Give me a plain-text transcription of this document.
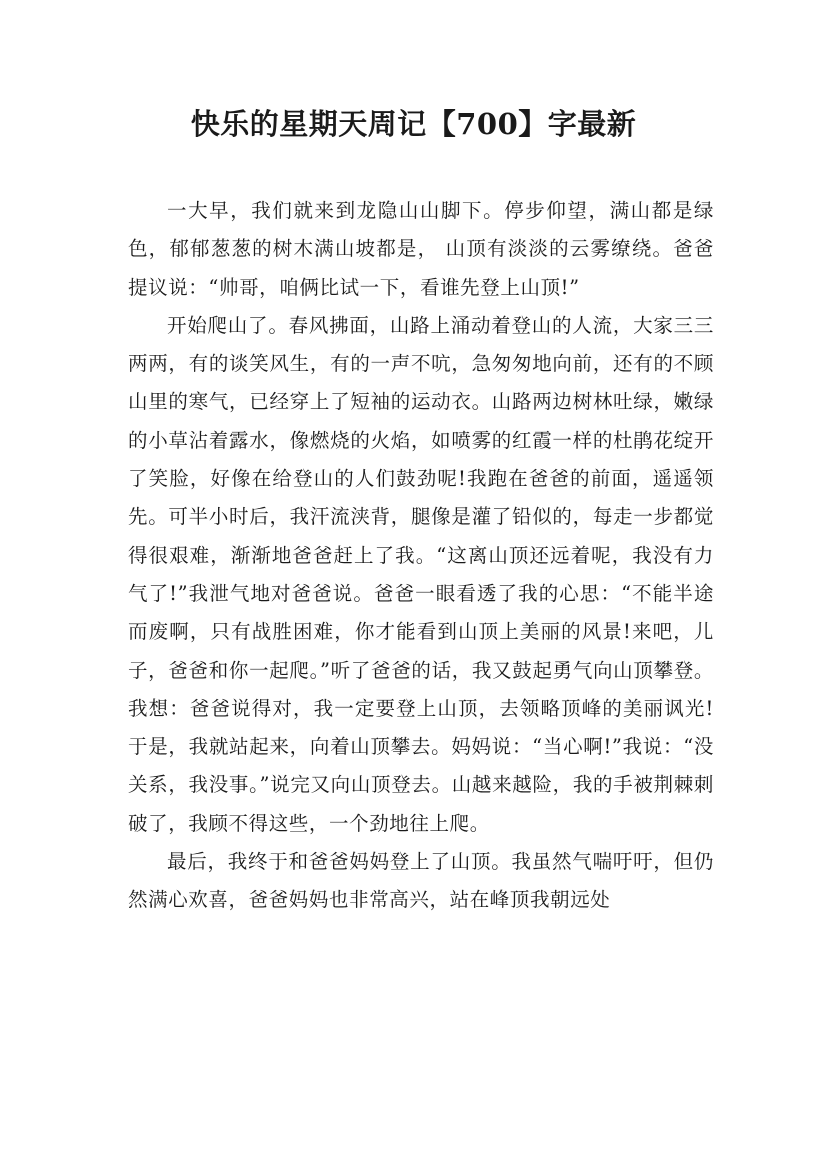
快乐的星期天周记【700】字最新

一大早，我们就来到龙隐山山脚下。停步仰望，满山都是绿色，郁郁葱葱的树木满山坡都是， 山顶有淡淡的云雾缭绕。爸爸提议说：“帅哥，咱俩比试一下，看谁先登上山顶!”

开始爬山了。春风拂面，山路上涌动着登山的人流，大家三三两两，有的谈笑风生，有的一声不吭，急匆匆地向前，还有的不顾山里的寒气，已经穿上了短袖的运动衣。山路两边树林吐绿，嫩绿的小草沾着露水，像燃烧的火焰，如喷雾的红霞一样的杜鹃花绽开了笑脸，好像在给登山的人们鼓劲呢!我跑在爸爸的前面，遥遥领先。可半小时后，我汗流浃背，腿像是灌了铅似的，每走一步都觉得很艰难，渐渐地爸爸赶上了我。“这离山顶还远着呢，我没有力气了!”我泄气地对爸爸说。爸爸一眼看透了我的心思：“不能半途而废啊，只有战胜困难，你才能看到山顶上美丽的风景!来吧，儿子，爸爸和你一起爬。”听了爸爸的话，我又鼓起勇气向山顶攀登。 我想：爸爸说得对，我一定要登上山顶，去领略顶峰的美丽讽光!于是，我就站起来，向着山顶攀去。妈妈说：“当心啊!”我说：“没关系，我没事。”说完又向山顶登去。山越来越险，我的手被荆棘刺破了，我顾不得这些，一个劲地往上爬。

最后，我终于和爸爸妈妈登上了山顶。我虽然气喘吁吁，但仍然满心欢喜，爸爸妈妈也非常高兴，站在峰顶我朝远处
